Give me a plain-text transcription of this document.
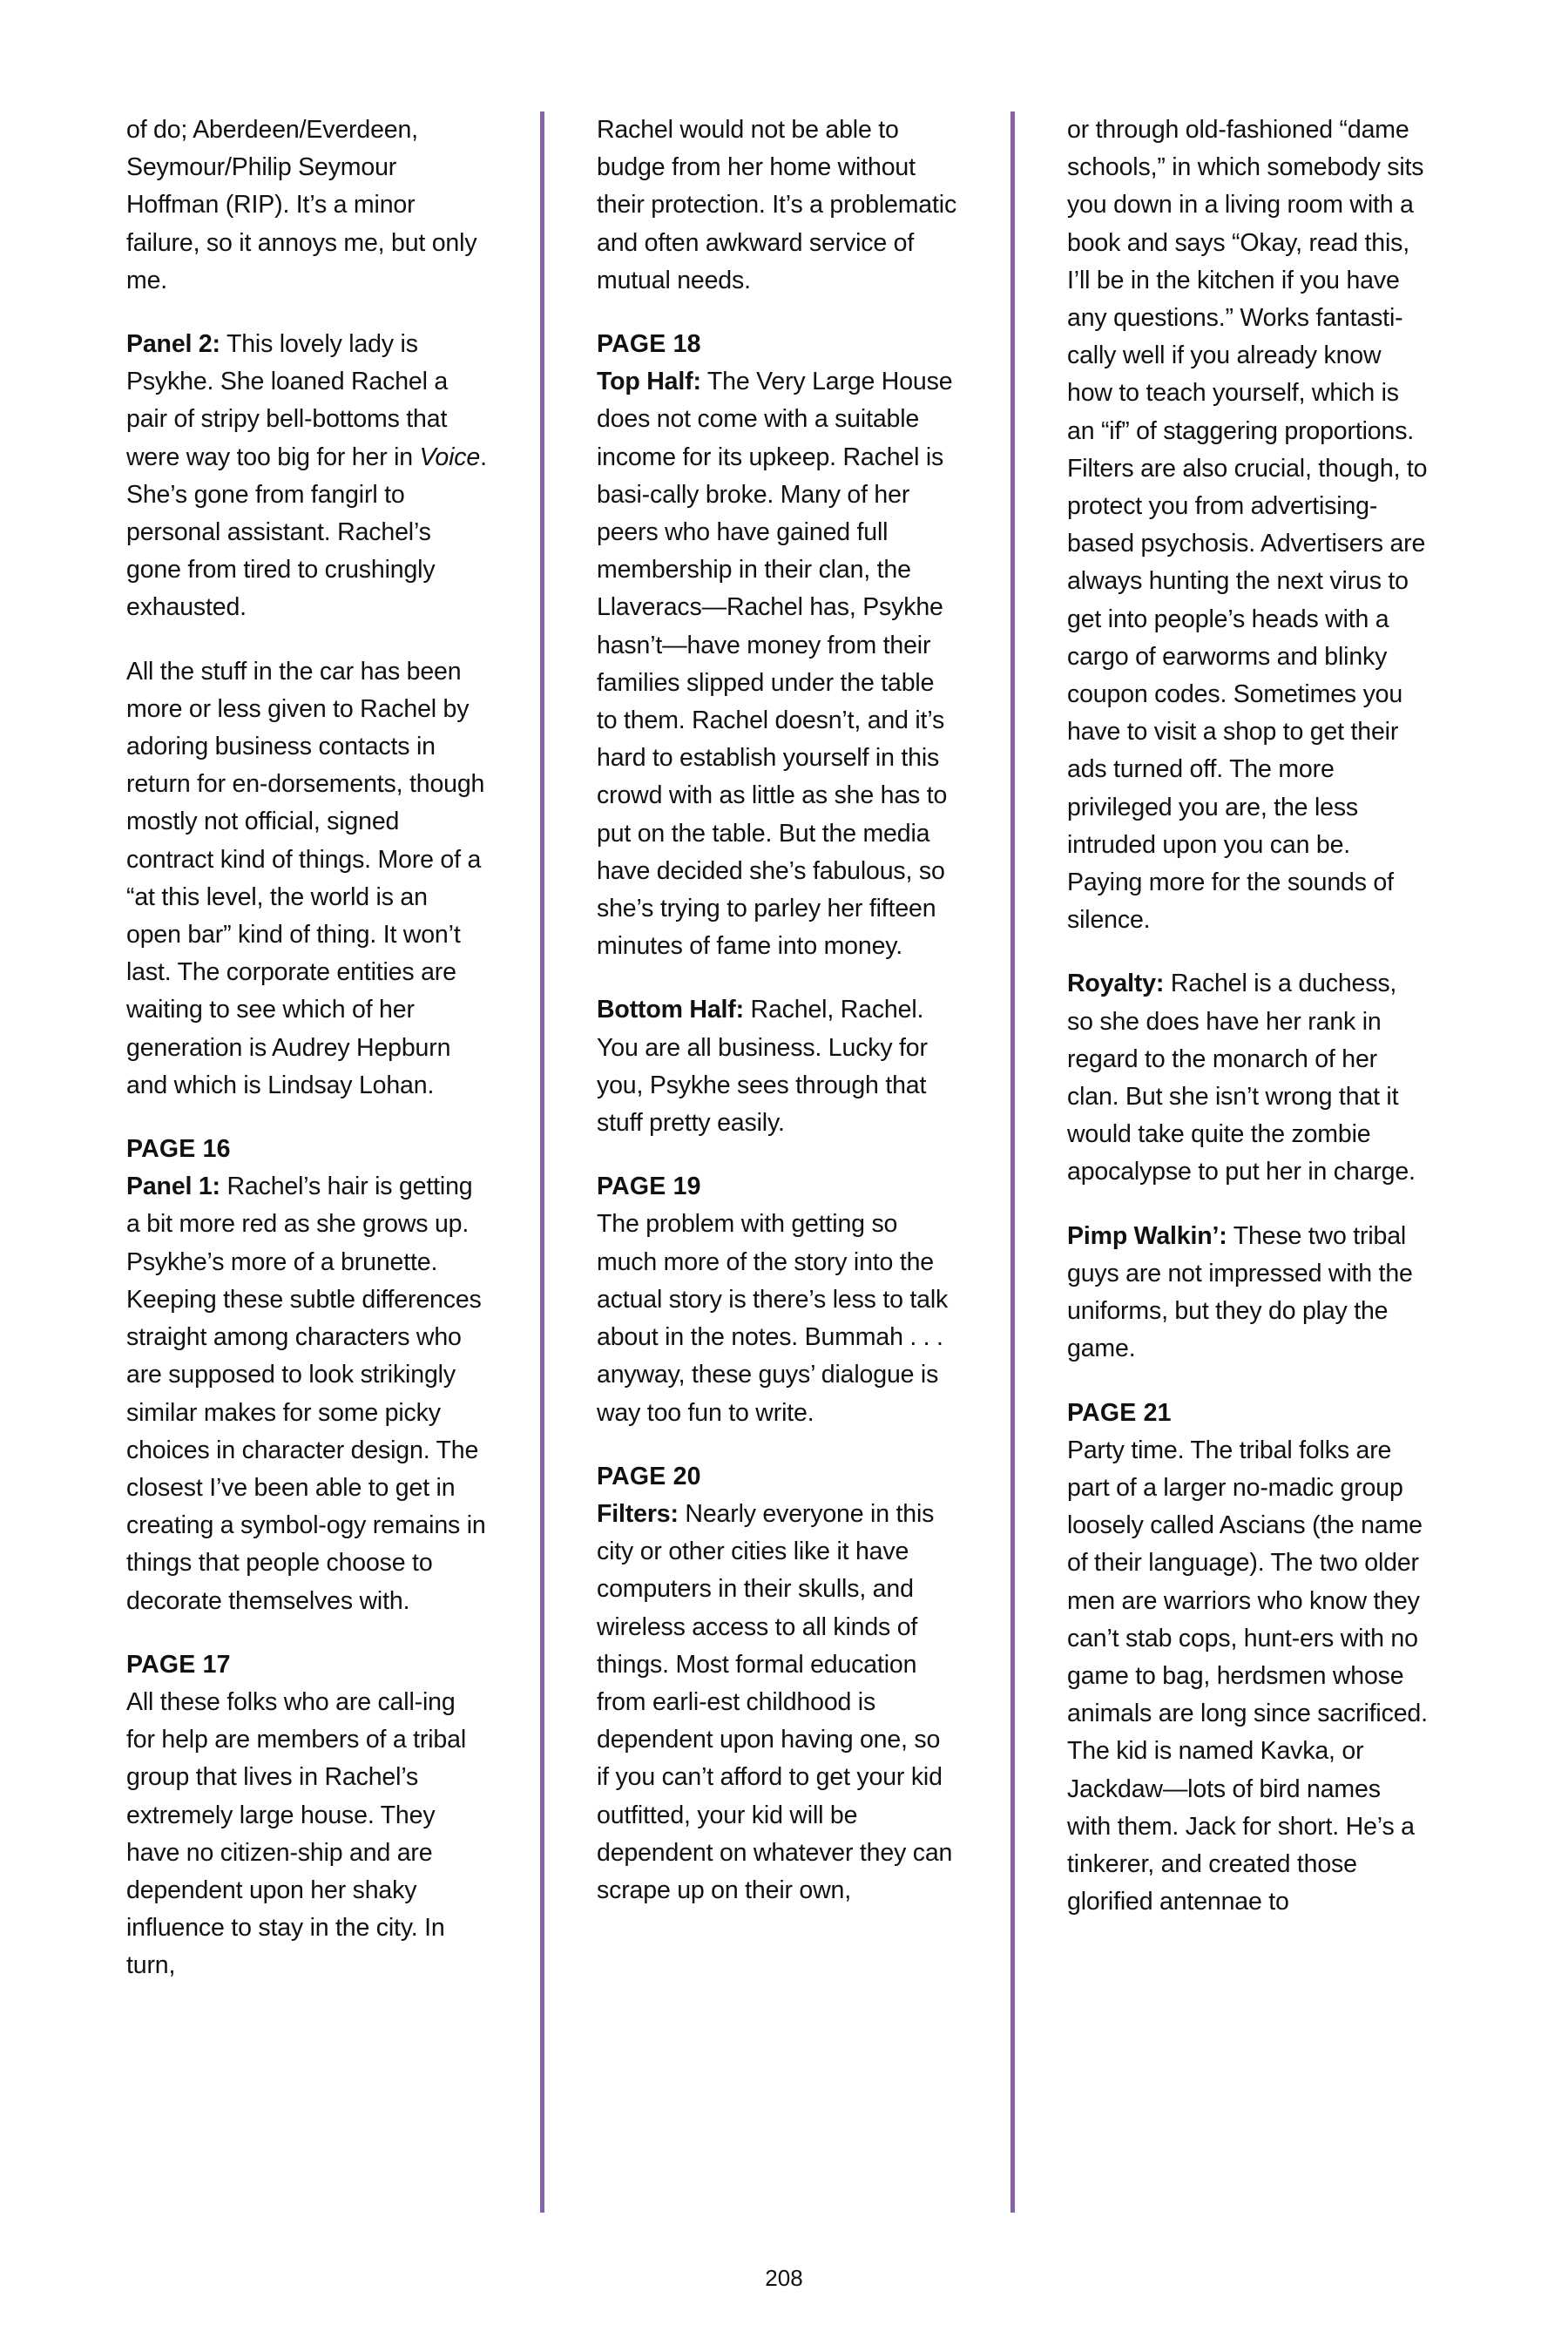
of do; Aberdeen/Everdeen, Seymour/Philip Seymour Hoffman (RIP). It’s a minor failure, so it annoys me, but only me.

Panel 2: This lovely lady is Psykhe. She loaned Rachel a pair of stripy bell-bottoms that were way too big for her in Voice. She’s gone from fangirl to personal assistant. Rachel’s gone from tired to crushingly exhausted.

All the stuff in the car has been more or less given to Rachel by adoring business contacts in return for en-dorsements, though mostly not official, signed contract kind of things. More of a “at this level, the world is an open bar” kind of thing. It won’t last. The corporate entities are waiting to see which of her generation is Audrey Hepburn and which is Lindsay Lohan.

PAGE 16

Panel 1: Rachel’s hair is getting a bit more red as she grows up. Psykhe’s more of a brunette. Keeping these subtle differences straight among characters who are supposed to look strikingly similar makes for some picky choices in character design. The closest I’ve been able to get in creating a symbol-ogy remains in things that people choose to decorate themselves with.

PAGE 17

All these folks who are call-ing for help are members of a tribal group that lives in Rachel’s extremely large house. They have no citizen-ship and are dependent upon her shaky influence to stay in the city. In turn,

Rachel would not be able to budge from her home without their protection. It’s a problematic and often awkward service of mutual needs.

PAGE 18

Top Half: The Very Large House does not come with a suitable income for its upkeep. Rachel is basi-cally broke. Many of her peers who have gained full membership in their clan, the Llaveracs—Rachel has, Psykhe hasn’t—have money from their families slipped under the table to them. Rachel doesn’t, and it’s hard to establish yourself in this crowd with as little as she has to put on the table. But the media have decided she’s fabulous, so she’s trying to parley her fifteen minutes of fame into money.

Bottom Half: Rachel, Rachel. You are all business. Lucky for you, Psykhe sees through that stuff pretty easily.

PAGE 19

The problem with getting so much more of the story into the actual story is there’s less to talk about in the notes. Bummah . . . anyway, these guys’ dialogue is way too fun to write.

PAGE 20

Filters: Nearly everyone in this city or other cities like it have computers in their skulls, and wireless access to all kinds of things. Most formal education from earli-est childhood is dependent upon having one, so if you can’t afford to get your kid outfitted, your kid will be dependent on whatever they can scrape up on their own,

or through old-fashioned “dame schools,” in which somebody sits you down in a living room with a book and says “Okay, read this, I’ll be in the kitchen if you have any questions.” Works fantasti-cally well if you already know how to teach yourself, which is an “if” of staggering proportions. Filters are also crucial, though, to protect you from advertising-based psychosis. Advertisers are always hunting the next virus to get into people’s heads with a cargo of earworms and blinky coupon codes. Sometimes you have to visit a shop to get their ads turned off. The more privileged you are, the less intruded upon you can be. Paying more for the sounds of silence.

Royalty: Rachel is a duchess, so she does have her rank in regard to the monarch of her clan. But she isn’t wrong that it would take quite the zombie apocalypse to put her in charge.

Pimp Walkin’: These two tribal guys are not impressed with the uniforms, but they do play the game.

PAGE 21

Party time. The tribal folks are part of a larger no-madic group loosely called Ascians (the name of their language). The two older men are warriors who know they can’t stab cops, hunt-ers with no game to bag, herdsmen whose animals are long since sacrificed. The kid is named Kavka, or Jackdaw—lots of bird names with them. Jack for short. He’s a tinkerer, and created those glorified antennae to

208
